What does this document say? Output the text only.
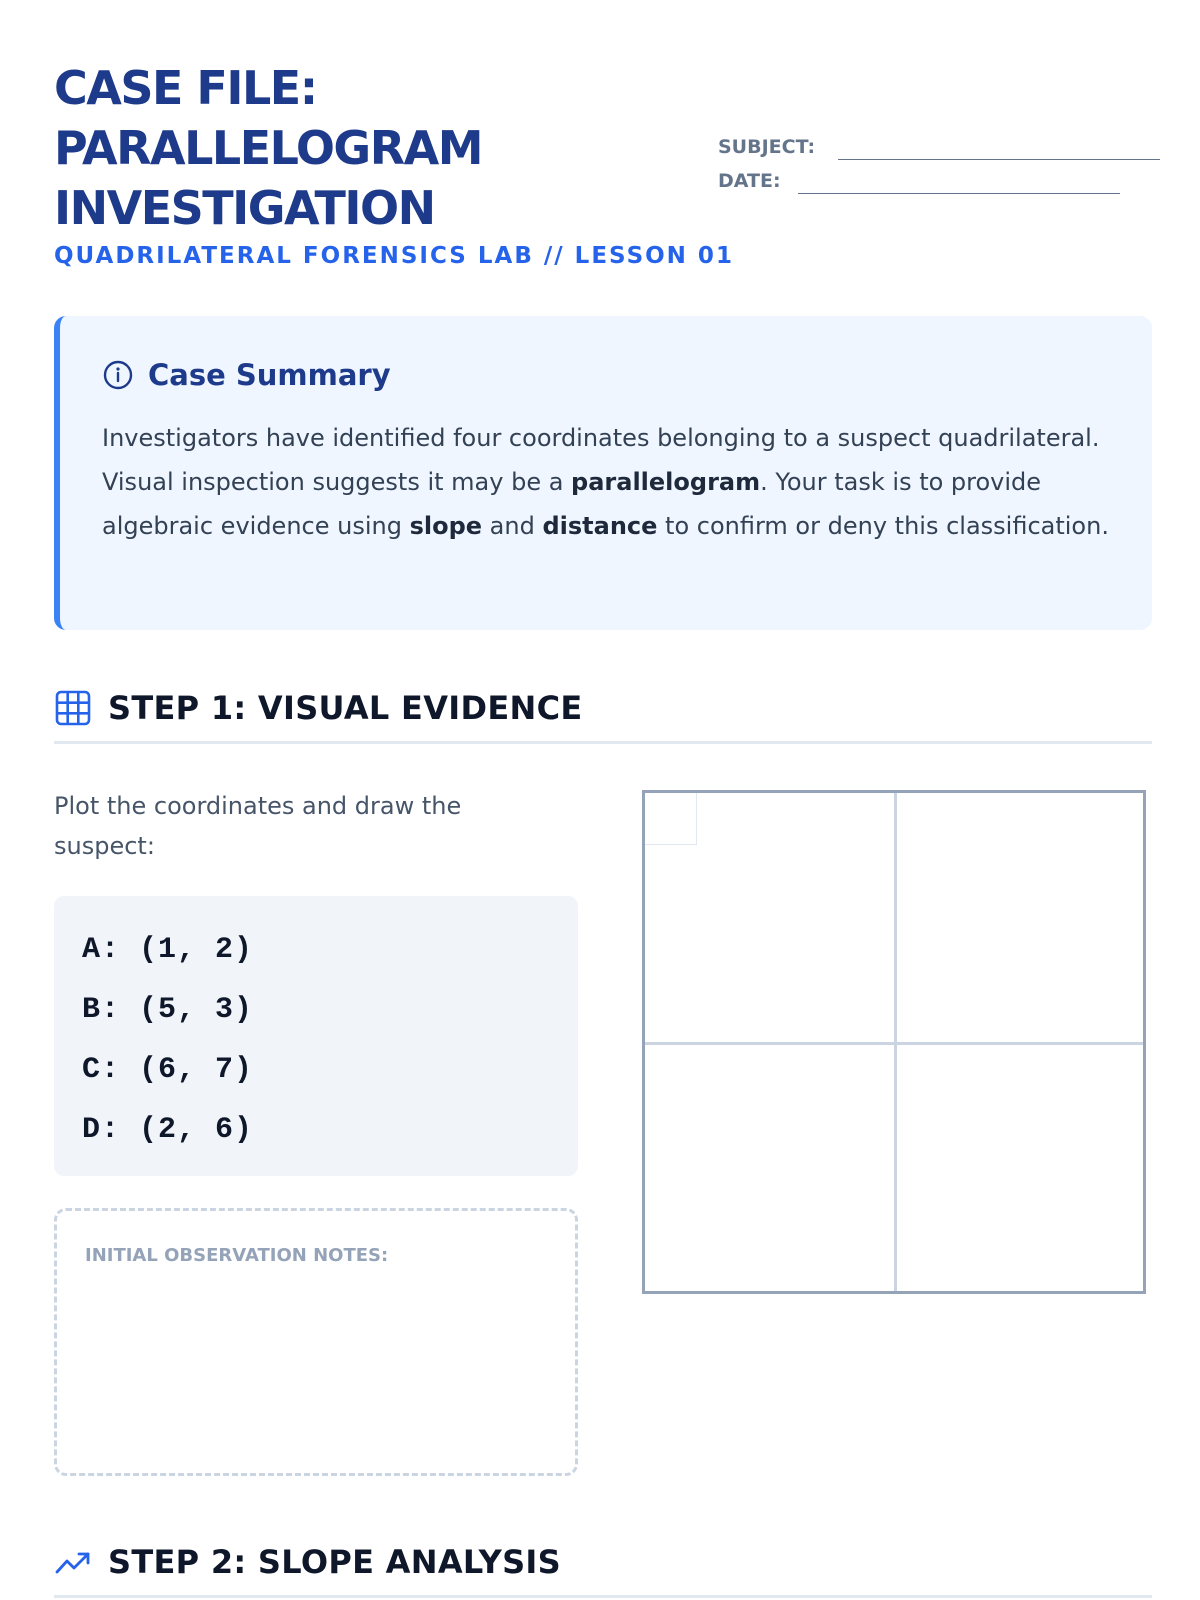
CASE FILE:
PARALLELOGRAM
INVESTIGATION
QUADRILATERAL FORENSICS LAB // LESSON 01
SUBJECT:
DATE:
Case Summary

Investigators have identified four coordinates belonging to a suspect quadrilateral. Visual inspection suggests it may be a parallelogram. Your task is to provide algebraic evidence using slope and distance to confirm or deny this classification.

STEP 1: VISUAL EVIDENCE

Plot the coordinates and draw the suspect:

A: (1, 2)
B: (5, 3)
C: (6, 7)
D: (2, 6)
INITIAL OBSERVATION NOTES:
STEP 2: SLOPE ANALYSIS
